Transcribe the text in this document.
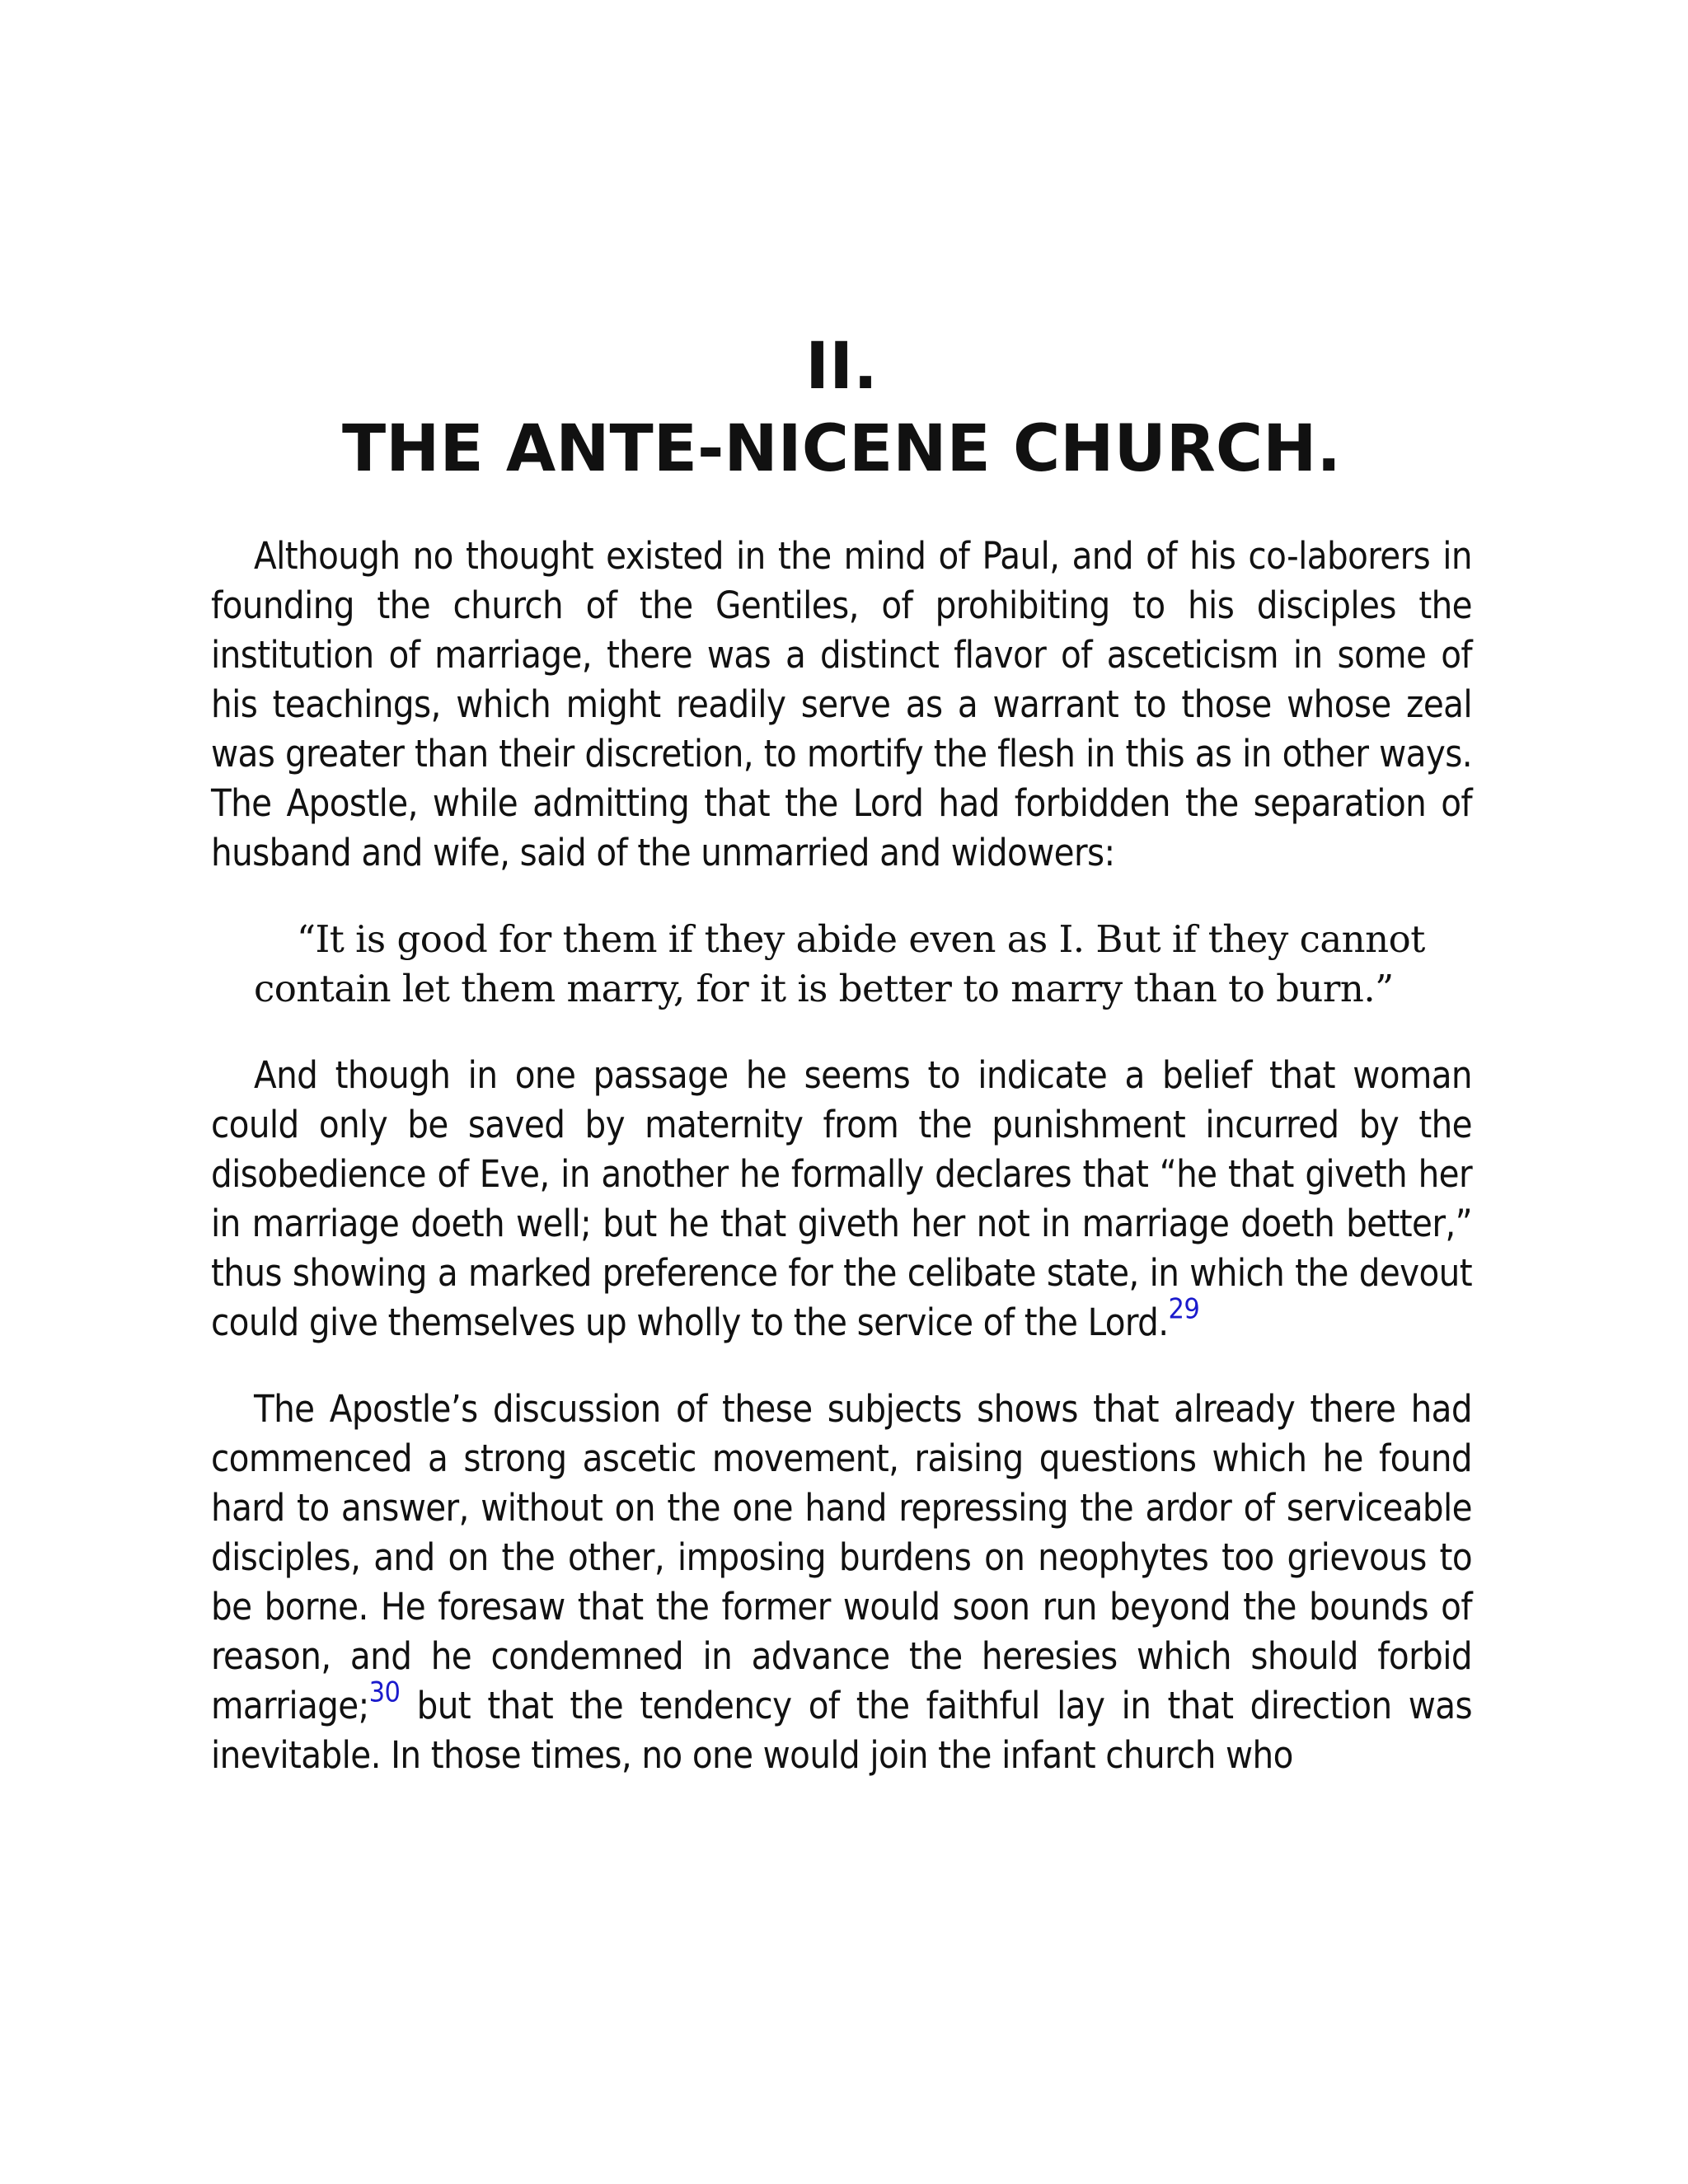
II.
THE ANTE-NICENE CHURCH.

Although no thought existed in the mind of Paul, and of his co-laborers in founding the church of the Gentiles, of prohibiting to his disciples the institution of marriage, there was a distinct flavor of asceticism in some of his teachings, which might readily serve as a warrant to those whose zeal was greater than their discretion, to mortify the flesh in this as in other ways. The Apostle, while admitting that the Lord had forbidden the separation of husband and wife, said of the unmarried and widowers:

“It is good for them if they abide even as I. But if they cannot contain let them marry, for it is better to marry than to burn.”

And though in one passage he seems to indicate a belief that woman could only be saved by maternity from the punishment incurred by the disobedience of Eve, in another he formally declares that “he that giveth her in marriage doeth well; but he that giveth her not in marriage doeth better,” thus showing a marked preference for the celibate state, in which the devout could give themselves up wholly to the service of the Lord.$^{29}$

The Apostle’s discussion of these subjects shows that already there had commenced a strong ascetic movement, raising questions which he found hard to answer, without on the one hand repressing the ardor of serviceable disciples, and on the other, imposing burdens on neophytes too grievous to be borne. He foresaw that the former would soon run beyond the bounds of reason, and he condemned in advance the heresies which should forbid marriage;$^{30}$ but that the tendency of the faithful lay in that direction was inevitable. In those times, no one would join the infant church who
